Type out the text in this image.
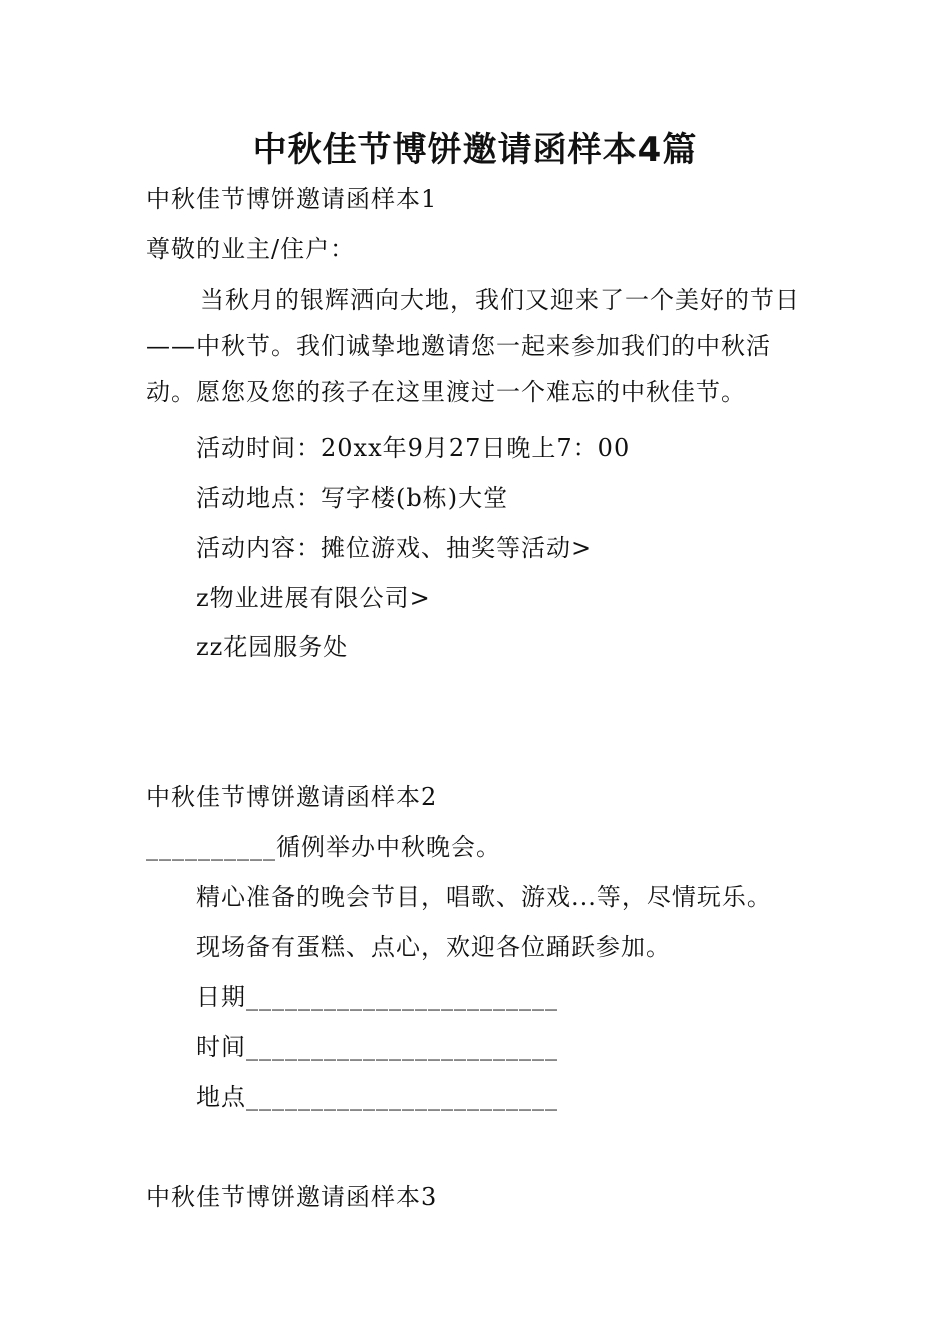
中秋佳节博饼邀请函样本4篇
中秋佳节博饼邀请函样本1
尊敬的业主/住户：
当秋月的银辉洒向大地，我们又迎来了一个美好的节日——中秋节。我们诚挚地邀请您一起来参加我们的中秋活动。愿您及您的孩子在这里渡过一个难忘的中秋佳节。
活动时间：20xx年9月27日晚上7：00
活动地点：写字楼(b栋)大堂
活动内容：摊位游戏、抽奖等活动>
z物业进展有限公司>
zz花园服务处
中秋佳节博饼邀请函样本2
__________循例举办中秋晚会。
精心准备的晚会节目，唱歌、游戏...等，尽情玩乐。
现场备有蛋糕、点心，欢迎各位踊跃参加。
日期________________________
时间________________________
地点________________________
中秋佳节博饼邀请函样本3
